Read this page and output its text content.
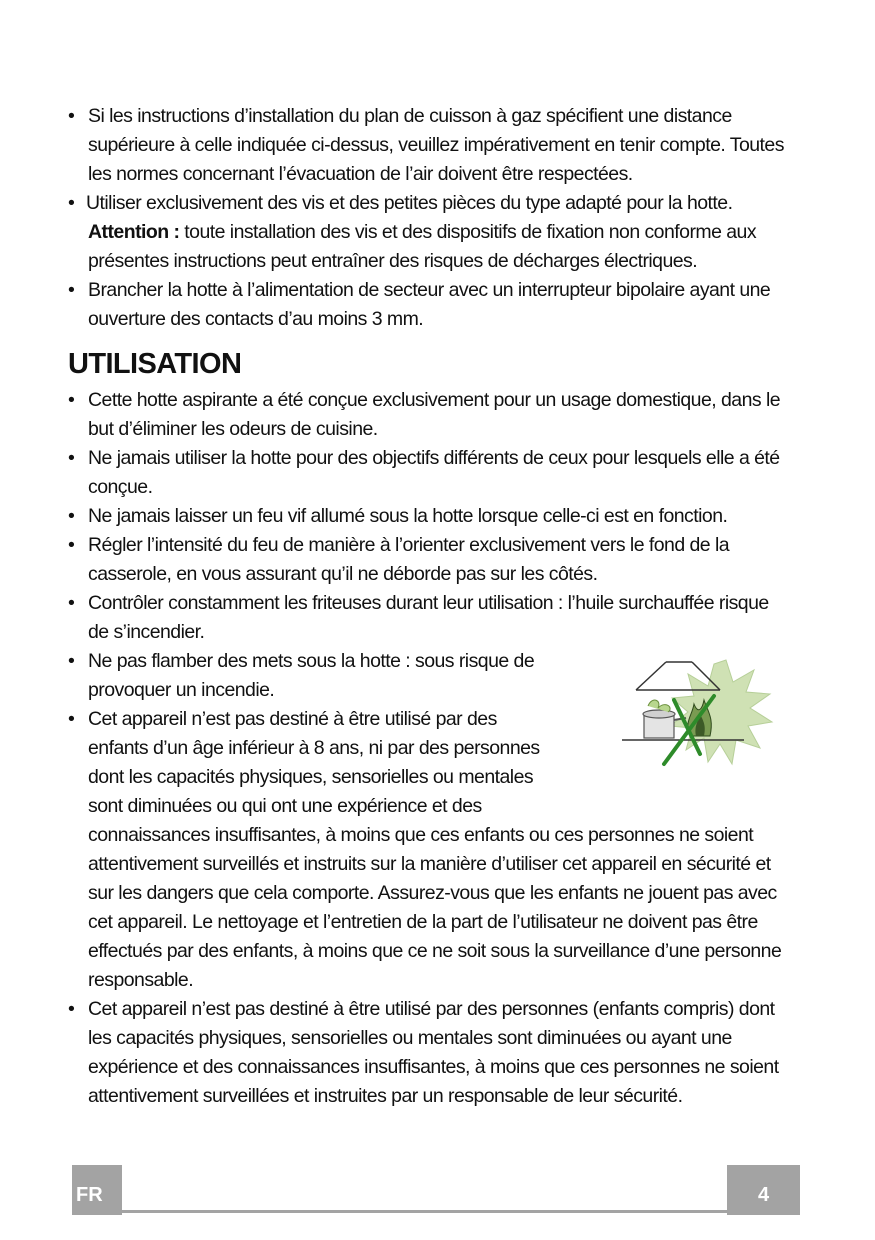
• Si les instructions d’installation du plan de cuisson à gaz spécifient une distance supérieure à celle indiquée ci-dessus, veuillez impérativement en tenir compte. Toutes les normes concernant l’évacuation de l’air doivent être respectées.
• Utiliser exclusivement des vis et des petites pièces du type adapté pour la hotte.
Attention : toute installation des vis et des dispositifs de fixation non conforme aux présentes instructions peut entraîner des risques de décharges électriques.
• Brancher la hotte à l’alimentation de secteur avec un interrupteur bipolaire ayant une ouverture des contacts d’au moins 3 mm.
UTILISATION
• Cette hotte aspirante a été conçue exclusivement pour un usage domestique, dans le but d’éliminer les odeurs de cuisine.
• Ne jamais utiliser la hotte pour des objectifs différents de ceux pour lesquels elle a été conçue.
• Ne jamais laisser un feu vif allumé sous la hotte lorsque celle-ci est en fonction.
• Régler l’intensité du feu de manière à l’orienter exclusivement vers le fond de la casserole, en vous assurant qu’il ne déborde pas sur les côtés.
• Contrôler constamment les friteuses durant leur utilisation : l’huile surchauffée risque de s’incendier.
• Ne pas flamber des mets sous la hotte : sous risque de provoquer un incendie.
• Cet appareil n’est pas destiné à être utilisé par des enfants d’un âge inférieur à 8 ans, ni par des personnes dont les capacités physiques, sensorielles ou mentales sont diminuées ou qui ont une expérience et des connaissances insuffisantes, à moins que ces enfants ou ces personnes ne soient attentivement surveillés et instruits sur la manière d’utiliser cet appareil en sécurité et sur les dangers que cela comporte. Assurez-vous que les enfants ne jouent pas avec cet appareil. Le nettoyage et l’entretien de la part de l’utilisateur ne doivent pas être effectués par des enfants, à moins que ce ne soit sous la surveillance d’une personne responsable.
• Cet appareil n’est pas destiné à être utilisé par des personnes (enfants compris) dont les capacités physiques, sensorielles ou mentales sont diminuées ou ayant une expérience et des connaissances insuffisantes, à moins que ces personnes ne soient attentivement surveillées et instruites par un responsable de leur sécurité.
FR	4
